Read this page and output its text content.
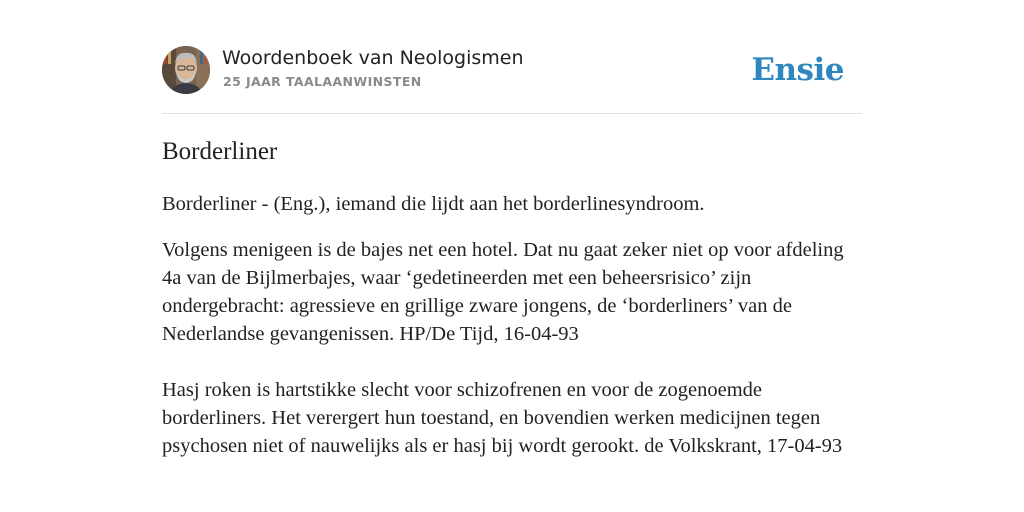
Woordenboek van Neologismen
25 JAAR TAALAANWINSTEN	Ensie
Borderliner

Borderliner - (Eng.), iemand die lijdt aan het borderlinesyndroom.

Volgens menigeen is de bajes net een hotel. Dat nu gaat zeker niet op voor afdeling 4a van de Bijlmerbajes, waar ‘gedetineerden met een beheersrisico’ zijn ondergebracht: agressieve en grillige zware jongens, de ‘borderliners’ van de Nederlandse gevangenissen. HP/De Tijd, 16-04-93

Hasj roken is hartstikke slecht voor schizofrenen en voor de zogenoemde borderliners. Het verergert hun toestand, en bovendien werken medicijnen tegen psychosen niet of nauwelijks als er hasj bij wordt gerookt. de Volkskrant, 17-04-93
